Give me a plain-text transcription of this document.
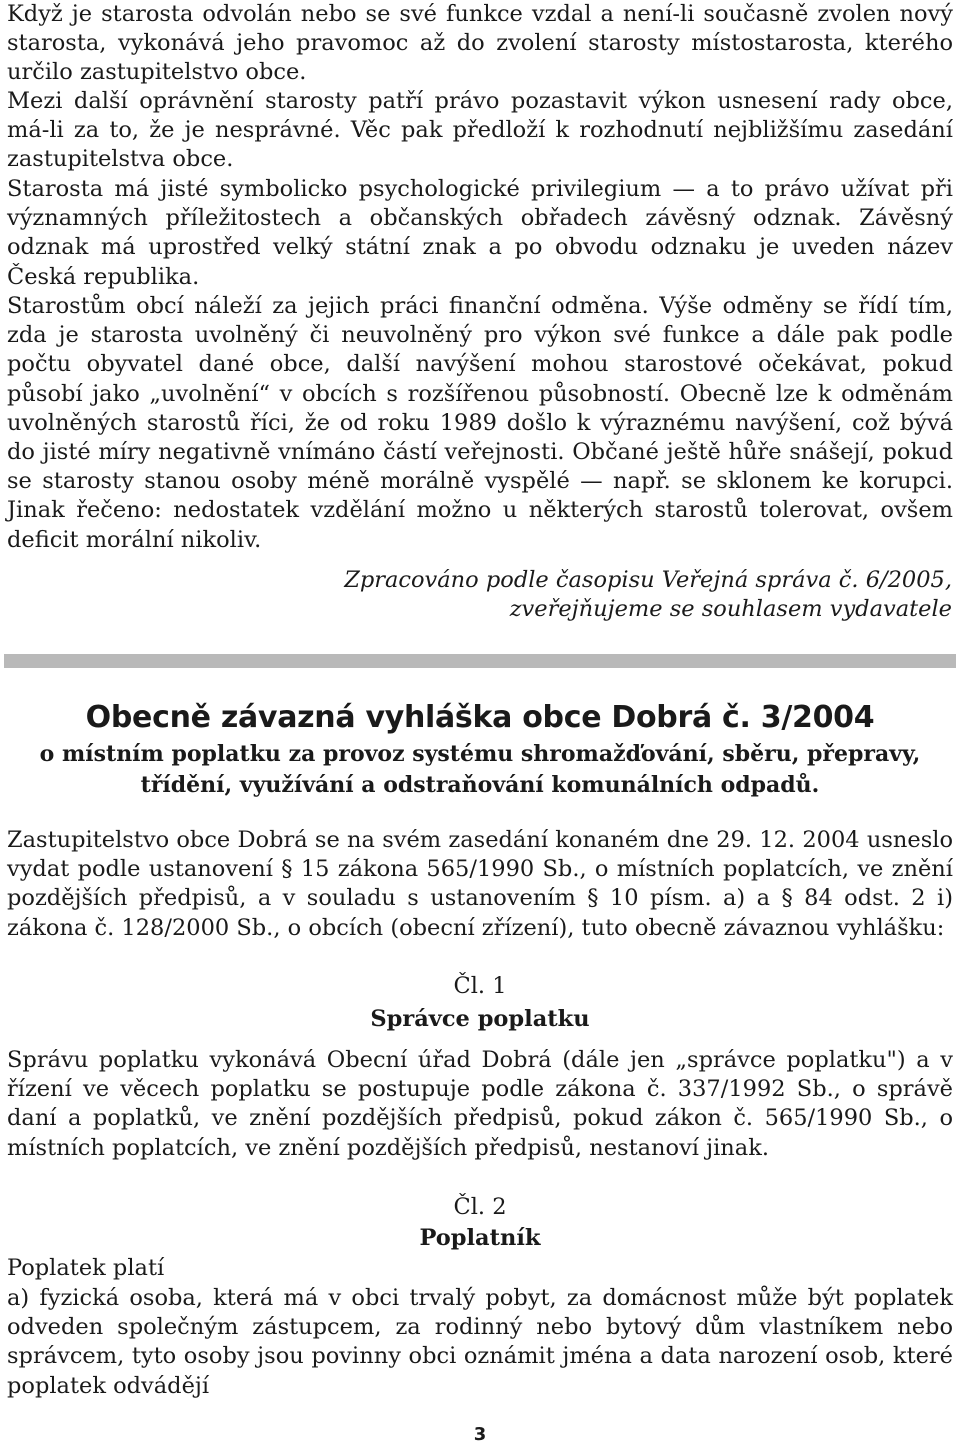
Když je starosta odvolán nebo se své funkce vzdal a není-li současně zvolen nový starosta, vykonává jeho pravomoc až do zvolení starosty místostarosta, kterého určilo zastupitelstvo obce.

Mezi další oprávnění starosty patří právo pozastavit výkon usnesení rady obce, má-li za to, že je nesprávné. Věc pak předloží k rozhodnutí nejbližšímu zasedání zastupitelstva obce.

Starosta má jisté symbolicko psychologické privilegium — a to právo užívat při významných příležitostech a občanských obřadech závěsný odznak. Závěsný odznak má uprostřed velký státní znak a po obvodu odznaku je uveden název Česká republika.

Starostům obcí náleží za jejich práci finanční odměna. Výše odměny se řídí tím, zda je starosta uvolněný či neuvolněný pro výkon své funkce a dále pak podle počtu obyvatel dané obce, další navýšení mohou starostové očekávat, pokud působí jako „uvolnění“ v obcích s rozšířenou působností. Obecně lze k odměnám uvolněných starostů říci, že od roku 1989 došlo k výraznému navýšení, což bývá do jisté míry negativně vnímáno částí veřejnosti. Občané ještě hůře snášejí, pokud se starosty stanou osoby méně morálně vyspělé — např. se sklonem ke korupci. Jinak řečeno: nedostatek vzdělání možno u některých starostů tolerovat, ovšem deficit morální nikoliv.

Zpracováno podle časopisu Veřejná správa č. 6/2005,

zveřejňujeme se souhlasem vydavatele

Obecně závazná vyhláška obce Dobrá č. 3/2004

o místním poplatku za provoz systému shromažďování, sběru, přepravy, třídění, využívání a odstraňování komunálních odpadů.

Zastupitelstvo obce Dobrá se na svém zasedání konaném dne 29. 12. 2004 usneslo vydat podle ustanovení § 15 zákona 565/1990 Sb., o místních poplatcích, ve znění pozdějších předpisů, a v souladu s ustanovením § 10 písm. a) a § 84 odst. 2 i) zákona č. 128/2000 Sb., o obcích (obecní zřízení), tuto obecně závaznou vyhlášku:

Čl. 1

Správce poplatku

Správu poplatku vykonává Obecní úřad Dobrá (dále jen „správce poplatku") a v řízení ve věcech poplatku se postupuje podle zákona č. 337/1992 Sb., o správě daní a poplatků, ve znění pozdějších předpisů, pokud zákon č. 565/1990 Sb., o místních poplatcích, ve znění pozdějších předpisů, nestanoví jinak.

Čl. 2

Poplatník

Poplatek platí

a) fyzická osoba, která má v obci trvalý pobyt, za domácnost může být poplatek odveden společným zástupcem, za rodinný nebo bytový dům vlastníkem nebo správcem, tyto osoby jsou povinny obci oznámit jména a data narození osob, které poplatek odvádějí

3
